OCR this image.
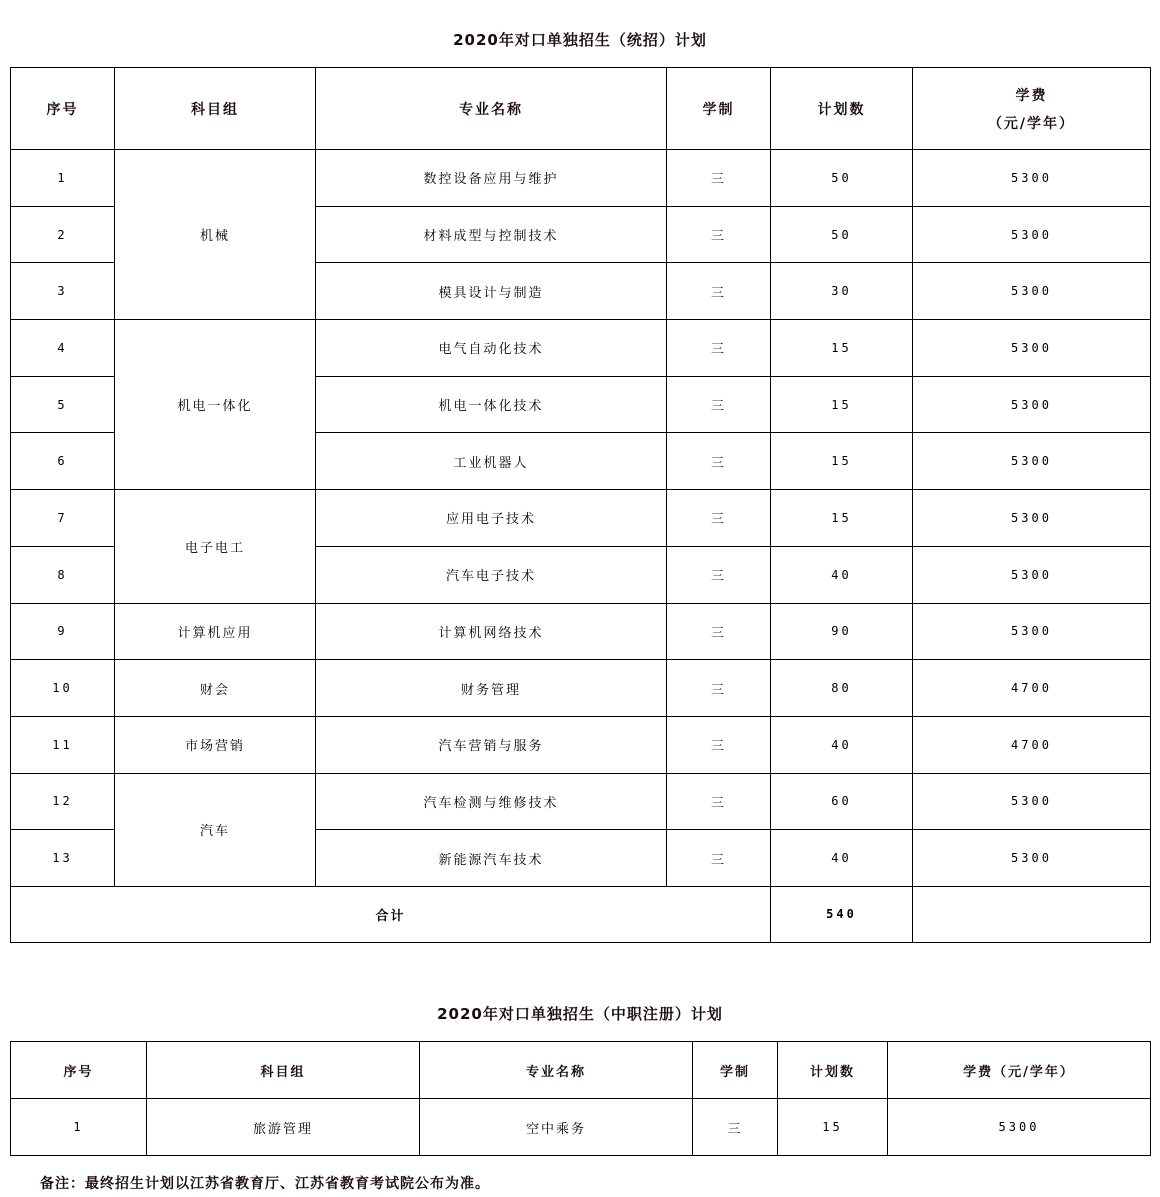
2020年对口单独招生（统招）计划
序号	科目组	专业名称	学制	计划数	学费
（元/学年）

1	机械	数控设备应用与维护	三	50	5300
2		材料成型与控制技术	三	50	5300
3		模具设计与制造	三	30	5300
4	机电一体化	电气自动化技术	三	15	5300
5		机电一体化技术	三	15	5300
6		工业机器人	三	15	5300
7	电子电工	应用电子技术	三	15	5300
8		汽车电子技术	三	40	5300
9	计算机应用	计算机网络技术	三	90	5300
10	财会	财务管理	三	80	4700
11	市场营销	汽车营销与服务	三	40	4700
12	汽车	汽车检测与维修技术	三	60	5300
13		新能源汽车技术	三	40	5300
合计				540	
2020年对口单独招生（中职注册）计划
序号	科目组	专业名称	学制	计划数	学费（元/学年）
1	旅游管理	空中乘务	三	15	5300
备注：最终招生计划以江苏省教育厅、江苏省教育考试院公布为准。
